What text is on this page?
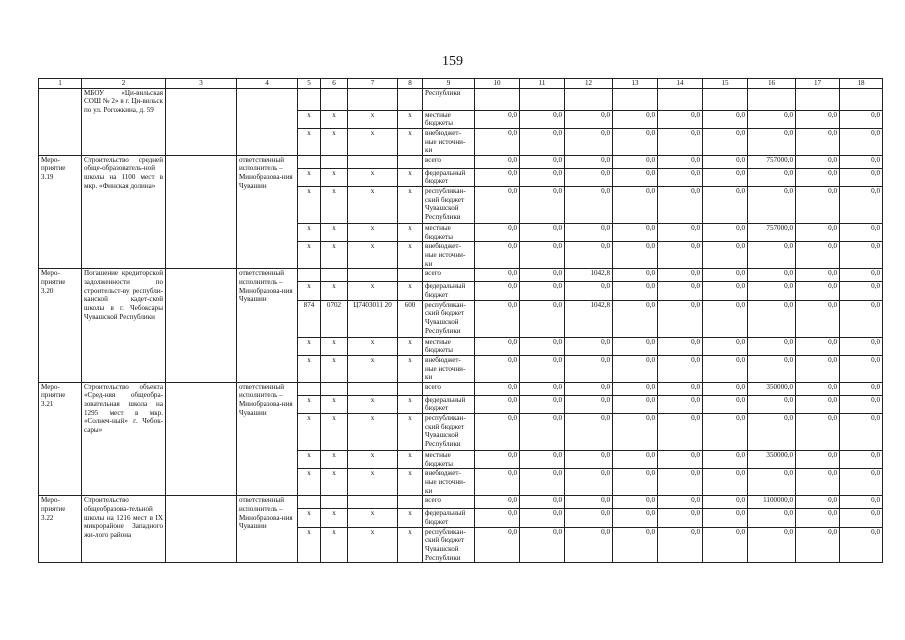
159
1	2	3	4	5	6	7	8	9	10	11	12	13	14	15	16	17	18
	МБОУ «Ци-вильская СОШ № 2» в г. Ци-вильск по ул. Рогожкина, д. 59							Республики									
				x	x	x	x	местные бюджеты	0,0	0,0	0,0	0,0	0,0	0,0	0,0	0,0	0,0
				x	x	x	x	внебюджет-ные источни-ки	0,0	0,0	0,0	0,0	0,0	0,0	0,0	0,0	0,0
Меро-приятие 3.19	Строительство средней обще-образователь-ной школы на 1100 мест в мкр. «Финская долина»		ответственный исполнитель – Минобразова-ния Чувашии					всего	0,0	0,0	0,0	0,0	0,0	0,0	757000,0	0,0	0,0
				x	x	x	x	федеральный бюджет	0,0	0,0	0,0	0,0	0,0	0,0	0,0	0,0	0,0
				x	x	x	x	республикан-ский бюджет Чувашской Республики	0,0	0,0	0,0	0,0	0,0	0,0	0,0	0,0	0,0
				x	x	x	x	местные бюджеты	0,0	0,0	0,0	0,0	0,0	0,0	757000,0	0,0	0,0
				x	x	x	x	внебюджет-ные источни-ки	0,0	0,0	0,0	0,0	0,0	0,0	0,0	0,0	0,0
Меро-приятие 3.20	Погашение кредиторской задолженности по строительст-ву республи-канской кадет-ской школы в г. Чебоксары Чувашской Республики		ответственный исполнитель – Минобразова-ния Чувашии					всего	0,0	0,0	1042,8	0,0	0,0	0,0	0,0	0,0	0,0
				x	x	x	x	федеральный бюджет	0,0	0,0	0,0	0,0	0,0	0,0	0,0	0,0	0,0
				874	0702	Ц7403011 20	600	республикан-ский бюджет Чувашской Республики	0,0	0,0	1042,8	0,0	0,0	0,0	0,0	0,0	0,0
				x	x	x	x	местные бюджеты	0,0	0,0	0,0	0,0	0,0	0,0	0,0	0,0	0,0
				x	x	x	x	внебюджет-ные источни-ки	0,0	0,0	0,0	0,0	0,0	0,0	0,0	0,0	0,0
Меро-приятие 3.21	Строительство объекта «Сред-няя общеобра-зовательная школа на 1295 мест в мкр. «Солнеч-ный» г. Чебок-сары»		ответственный исполнитель – Минобразова-ния Чувашии					всего	0,0	0,0	0,0	0,0	0,0	0,0	350000,0	0,0	0,0
				x	x	x	x	федеральный бюджет	0,0	0,0	0,0	0,0	0,0	0,0	0,0	0,0	0,0
				x	x	x	x	республикан-ский бюджет Чувашской Республики	0,0	0,0	0,0	0,0	0,0	0,0	0,0	0,0	0,0
				x	x	x	x	местные бюджеты	0,0	0,0	0,0	0,0	0,0	0,0	350000,0	0,0	0,0
				x	x	x	x	внебюджет-ные источни-ки	0,0	0,0	0,0	0,0	0,0	0,0	0,0	0,0	0,0
Меро-приятие 3.22	Строительство общеобразова-тельной школы на 1216 мест в IX микрорайоне Западного жи-лого района		ответственный исполнитель – Минобразова-ния Чувашии					всего	0,0	0,0	0,0	0,0	0,0	0,0	1100000,0	0,0	0,0
				x	x	x	x	федеральный бюджет	0,0	0,0	0,0	0,0	0,0	0,0	0,0	0,0	0,0
				x	x	x	x	республикан-ский бюджет Чувашской Республики	0,0	0,0	0,0	0,0	0,0	0,0	0,0	0,0	0,0
